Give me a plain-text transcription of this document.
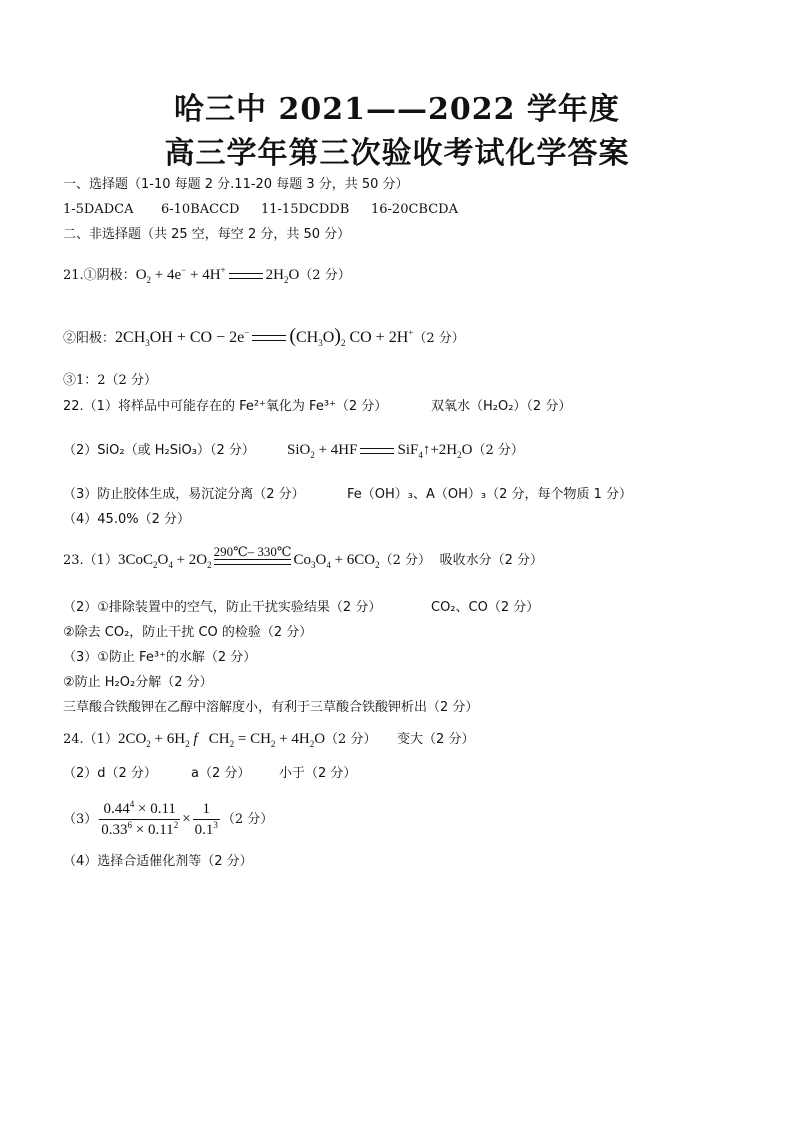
哈三中 2021——2022 学年度
高三学年第三次验收考试化学答案
一、选择题（1-10 每题 2 分.11-20 每题 3 分，共 50 分）
1-5DADCA 6-10BACCD 11-15DCDDB 16-20CBCDA
二、非选择题（共 25 空，每空 2 分，共 50 分）
21.①阴极：$O_2 + 4e^- + 4H^+$	$2H_2O(2$ 分）
②阳极：$2CH_3OH$ + CO − 2e− $(CH_3O)_2$ CO + 2H+（2 分）
③1：2（2 分）
22.（1）将样品中可能存在的 Fe²⁺氧化为 Fe³⁺（2 分）	双氧水（H₂O₂）（2 分）
（2）SiO₂（或 H₂SiO₃）（2 分） SiO$_2$ + 4HF	$SiF_4↑+2H_2O(2$ 分）
（3）防止胶体生成，易沉淀分离（2 分）	Fe（OH）₃、A（OH）₃（2 分，每个物质 1 分）
（4）45.0%（2 分）
$23.(1)3CoC_2O_4 + 2O_2$
290℃– 330℃
$Co_3O_4 + 6CO_2(2$ 分） 吸收水分（2 分）
（2）①排除装置中的空气，防止干扰实验结果（2 分）	CO₂、CO（2 分）
②除去 CO₂，防止干扰 CO 的检验（2 分）
（3）①防止 Fe³⁺的水解（2 分）
②防止 H₂O₂分解（2 分）
三草酸合铁酸钾在乙醇中溶解度小，有利于三草酸合铁酸钾析出（2 分）
$24.(1)2CO_2 + 6H_2$ f   $CH_2 = CH_2 + 4H_2O(2$ 分） 变大（2 分）
（2）d（2 分）	a（2 分） 小于（2 分）
$(3) \frac{0.44^4 \times 0.11}{0.33^6 \times 0.11^2} \times \frac{1}{0.1^3} (2$ 分）
（4）选择合适催化剂等（2 分）
